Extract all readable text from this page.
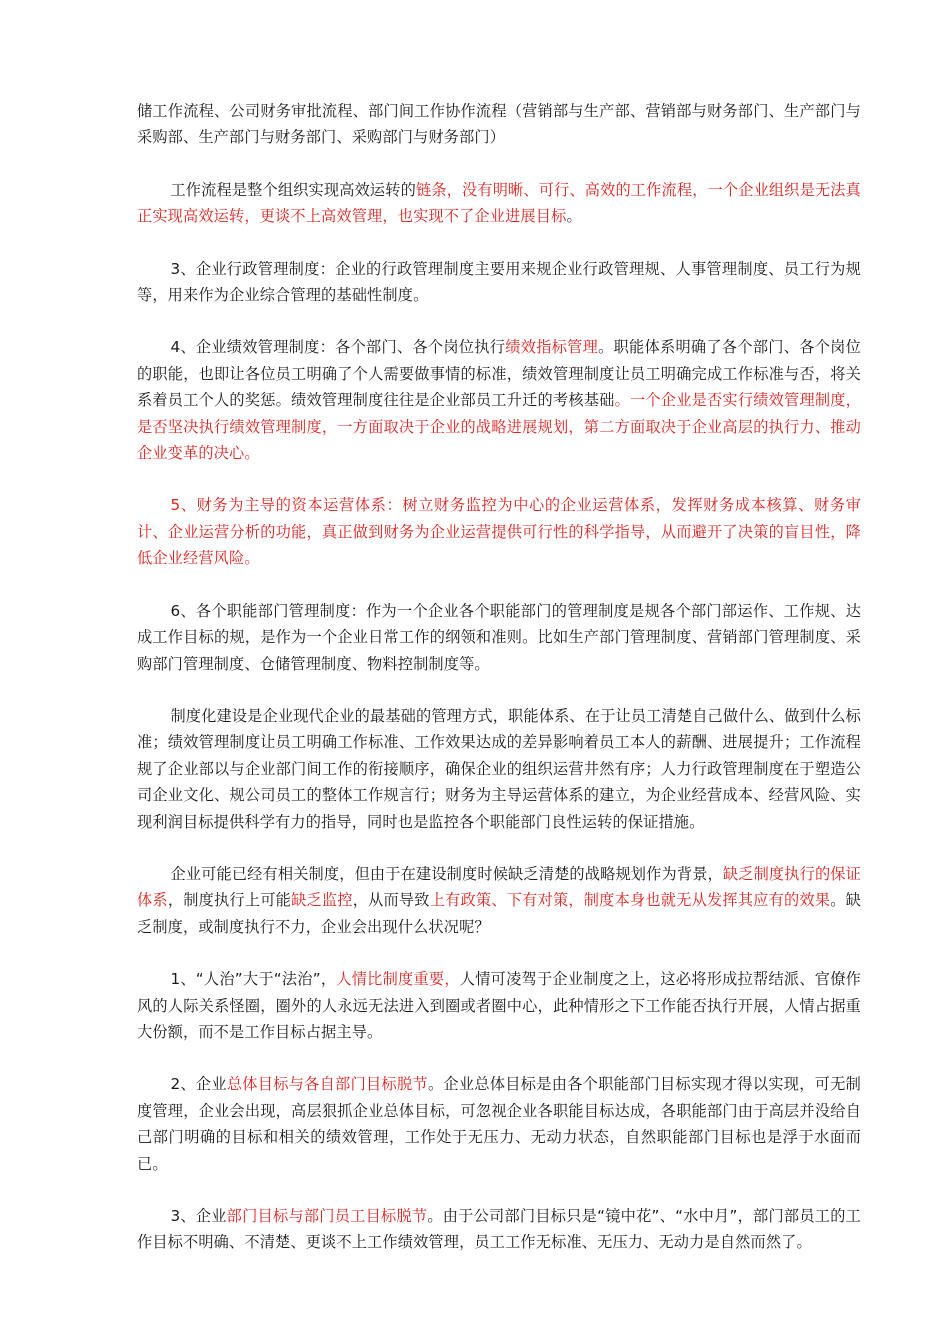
储工作流程、公司财务审批流程、部门间工作协作流程（营销部与生产部、营销部与财务部门、生产部门与采购部、生产部门与财务部门、采购部门与财务部门）

工作流程是整个组织实现高效运转的链条，没有明晰、可行、高效的工作流程，一个企业组织是无法真正实现高效运转，更谈不上高效管理，也实现不了企业进展目标。

3、企业行政管理制度：企业的行政管理制度主要用来规企业行政管理规、人事管理制度、员工行为规等，用来作为企业综合管理的基础性制度。

4、企业绩效管理制度：各个部门、各个岗位执行绩效指标管理。职能体系明确了各个部门、各个岗位的职能，也即让各位员工明确了个人需要做事情的标准，绩效管理制度让员工明确完成工作标准与否，将关系着员工个人的奖惩。绩效管理制度往往是企业部员工升迁的考核基础。一个企业是否实行绩效管理制度，是否坚决执行绩效管理制度，一方面取决于企业的战略进展规划，第二方面取决于企业高层的执行力、推动企业变革的决心。

5、财务为主导的资本运营体系：树立财务监控为中心的企业运营体系，发挥财务成本核算、财务审计、企业运营分析的功能，真正做到财务为企业运营提供可行性的科学指导，从而避开了决策的盲目性，降低企业经营风险。

6、各个职能部门管理制度：作为一个企业各个职能部门的管理制度是规各个部门部运作、工作规、达成工作目标的规，是作为一个企业日常工作的纲领和准则。比如生产部门管理制度、营销部门管理制度、采购部门管理制度、仓储管理制度、物料控制制度等。

制度化建设是企业现代企业的最基础的管理方式，职能体系、在于让员工清楚自己做什么、做到什么标准；绩效管理制度让员工明确工作标准、工作效果达成的差异影响着员工本人的薪酬、进展提升；工作流程规了企业部以与企业部门间工作的衔接顺序，确保企业的组织运营井然有序；人力行政管理制度在于塑造公司企业文化、规公司员工的整体工作规言行；财务为主导运营体系的建立，为企业经营成本、经营风险、实现利润目标提供科学有力的指导，同时也是监控各个职能部门良性运转的保证措施。

企业可能已经有相关制度，但由于在建设制度时候缺乏清楚的战略规划作为背景，缺乏制度执行的保证体系，制度执行上可能缺乏监控，从而导致上有政策、下有对策，制度本身也就无从发挥其应有的效果。缺乏制度，或制度执行不力，企业会出现什么状况呢？

1、“人治”大于“法治”，人情比制度重要，人情可凌驾于企业制度之上，这必将形成拉帮结派、官僚作风的人际关系怪圈，圈外的人永远无法进入到圈或者圈中心，此种情形之下工作能否执行开展，人情占据重大份额，而不是工作目标占据主导。

2、企业总体目标与各自部门目标脱节。企业总体目标是由各个职能部门目标实现才得以实现，可无制度管理，企业会出现，高层狠抓企业总体目标，可忽视企业各职能目标达成，各职能部门由于高层并没给自己部门明确的目标和相关的绩效管理，工作处于无压力、无动力状态，自然职能部门目标也是浮于水面而已。

3、企业部门目标与部门员工目标脱节。由于公司部门目标只是“镜中花”、“水中月”，部门部员工的工作目标不明确、不清楚、更谈不上工作绩效管理，员工工作无标准、无压力、无动力是自然而然了。
